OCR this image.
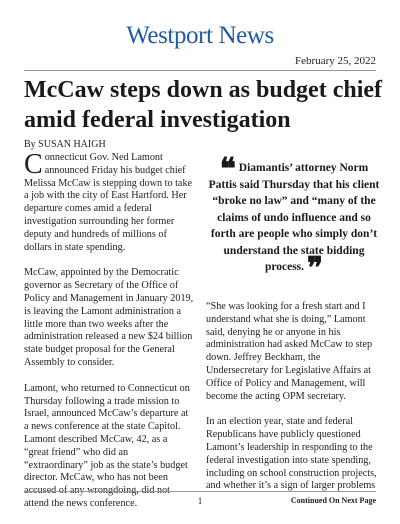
Westport News
February 25, 2022
McCaw steps down as budget chief amid federal investigation
By SUSAN HAIGH

Connecticut Gov. Ned Lamont announced Friday his budget chief Melissa McCaw is stepping down to take a job with the city of East Hartford. Her departure comes amid a federal investigation surrounding her former deputy and hundreds of millions of dollars in state spending.

McCaw, appointed by the Democratic governor as Secretary of the Office of Policy and Management in January 2019, is leaving the Lamont administration a little more than two weeks after the administration released a new $24 billion state budget proposal for the General Assembly to consider.

Lamont, who returned to Connecticut on Thursday following a trade mission to Israel, announced McCaw’s departure at a news conference at the state Capitol. Lamont described McCaw, 42, as a “great friend” who did an “extraordinary” job as the state’s budget director. McCaw, who has not been accused of any wrongdoing, did not attend the news conference.

❝ Diamantis’ attorney Norm Pattis said Thursday that his client “broke no law” and “many of the claims of undo influence and so forth are people who simply don’t understand the state bidding process. ❞

“She was looking for a fresh start and I understand what she is doing,” Lamont said, denying he or anyone in his administration had asked McCaw to step down. Jeffrey Beckham, the Undersecretary for Legislative Affairs at Office of Policy and Management, will become the acting OPM secretary.

In an election year, state and federal Republicans have publicly questioned Lamont’s leadership in responding to the federal investigation into state spending, including on school construction projects, and whether it’s a sign of larger problems

1	Continued On Next Page
